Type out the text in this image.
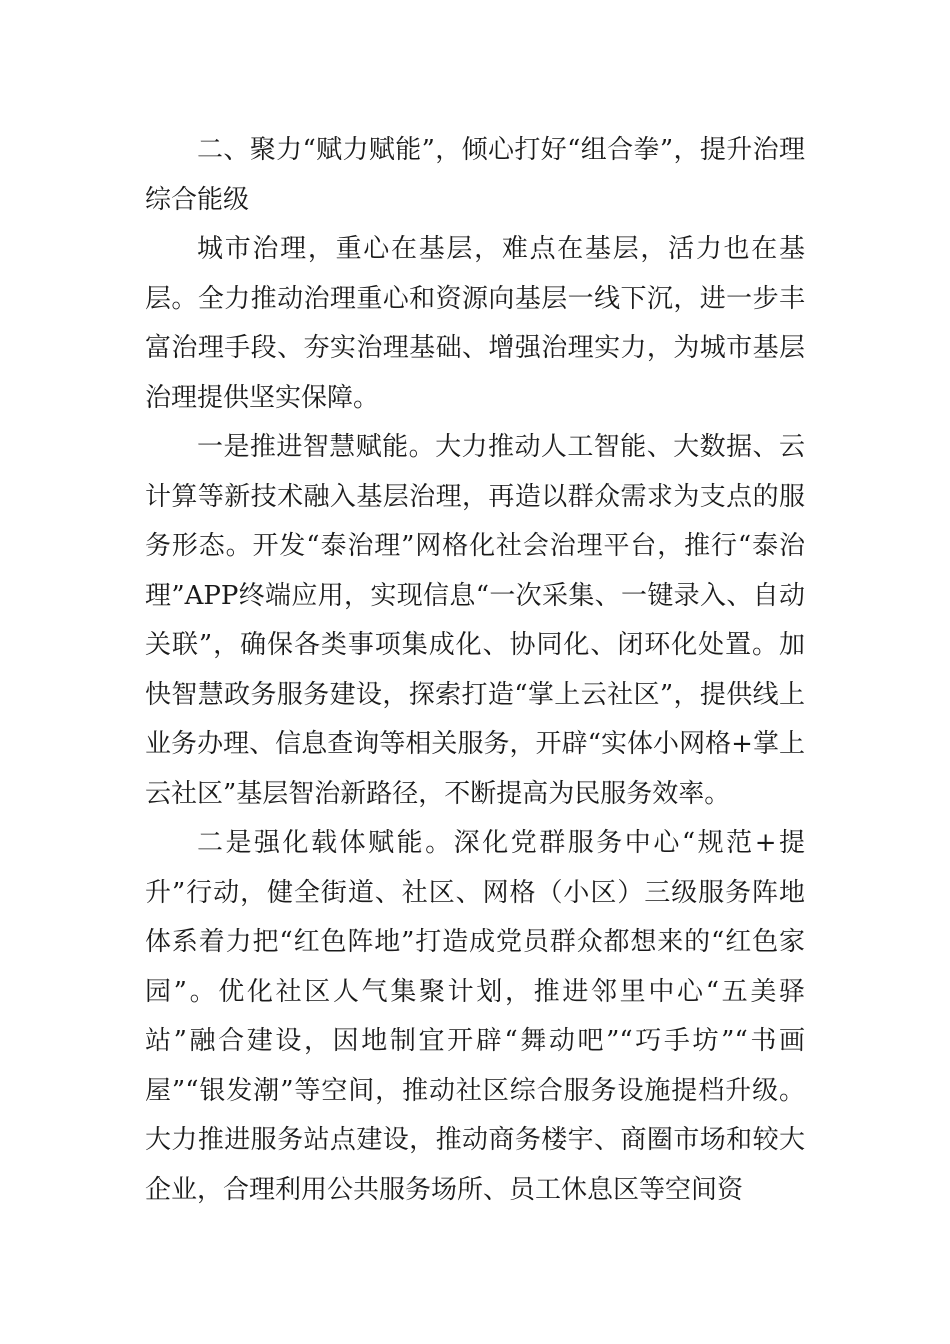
二、聚力“赋力赋能”，倾心打好“组合拳”，提升治理综合能级

城市治理，重心在基层，难点在基层，活力也在基层。全力推动治理重心和资源向基层一线下沉，进一步丰富治理手段、夯实治理基础、增强治理实力，为城市基层治理提供坚实保障。

一是推进智慧赋能。大力推动人工智能、大数据、云计算等新技术融入基层治理，再造以群众需求为支点的服务形态。开发“泰治理”网格化社会治理平台，推行“泰治理”APP终端应用，实现信息“一次采集、一键录入、自动关联”，确保各类事项集成化、协同化、闭环化处置。加快智慧政务服务建设，探索打造“掌上云社区”，提供线上业务办理、信息查询等相关服务，开辟“实体小网格+掌上云社区”基层智治新路径，不断提高为民服务效率。

二是强化载体赋能。深化党群服务中心“规范+提升”行动，健全街道、社区、网格（小区）三级服务阵地体系着力把“红色阵地”打造成党员群众都想来的“红色家园”。优化社区人气集聚计划，推进邻里中心“五美驿站”融合建设，因地制宜开辟“舞动吧”“巧手坊”“书画屋”“银发潮”等空间，推动社区综合服务设施提档升级。大力推进服务站点建设，推动商务楼宇、商圈市场和较大企业，合理利用公共服务场所、员工休息区等空间资
